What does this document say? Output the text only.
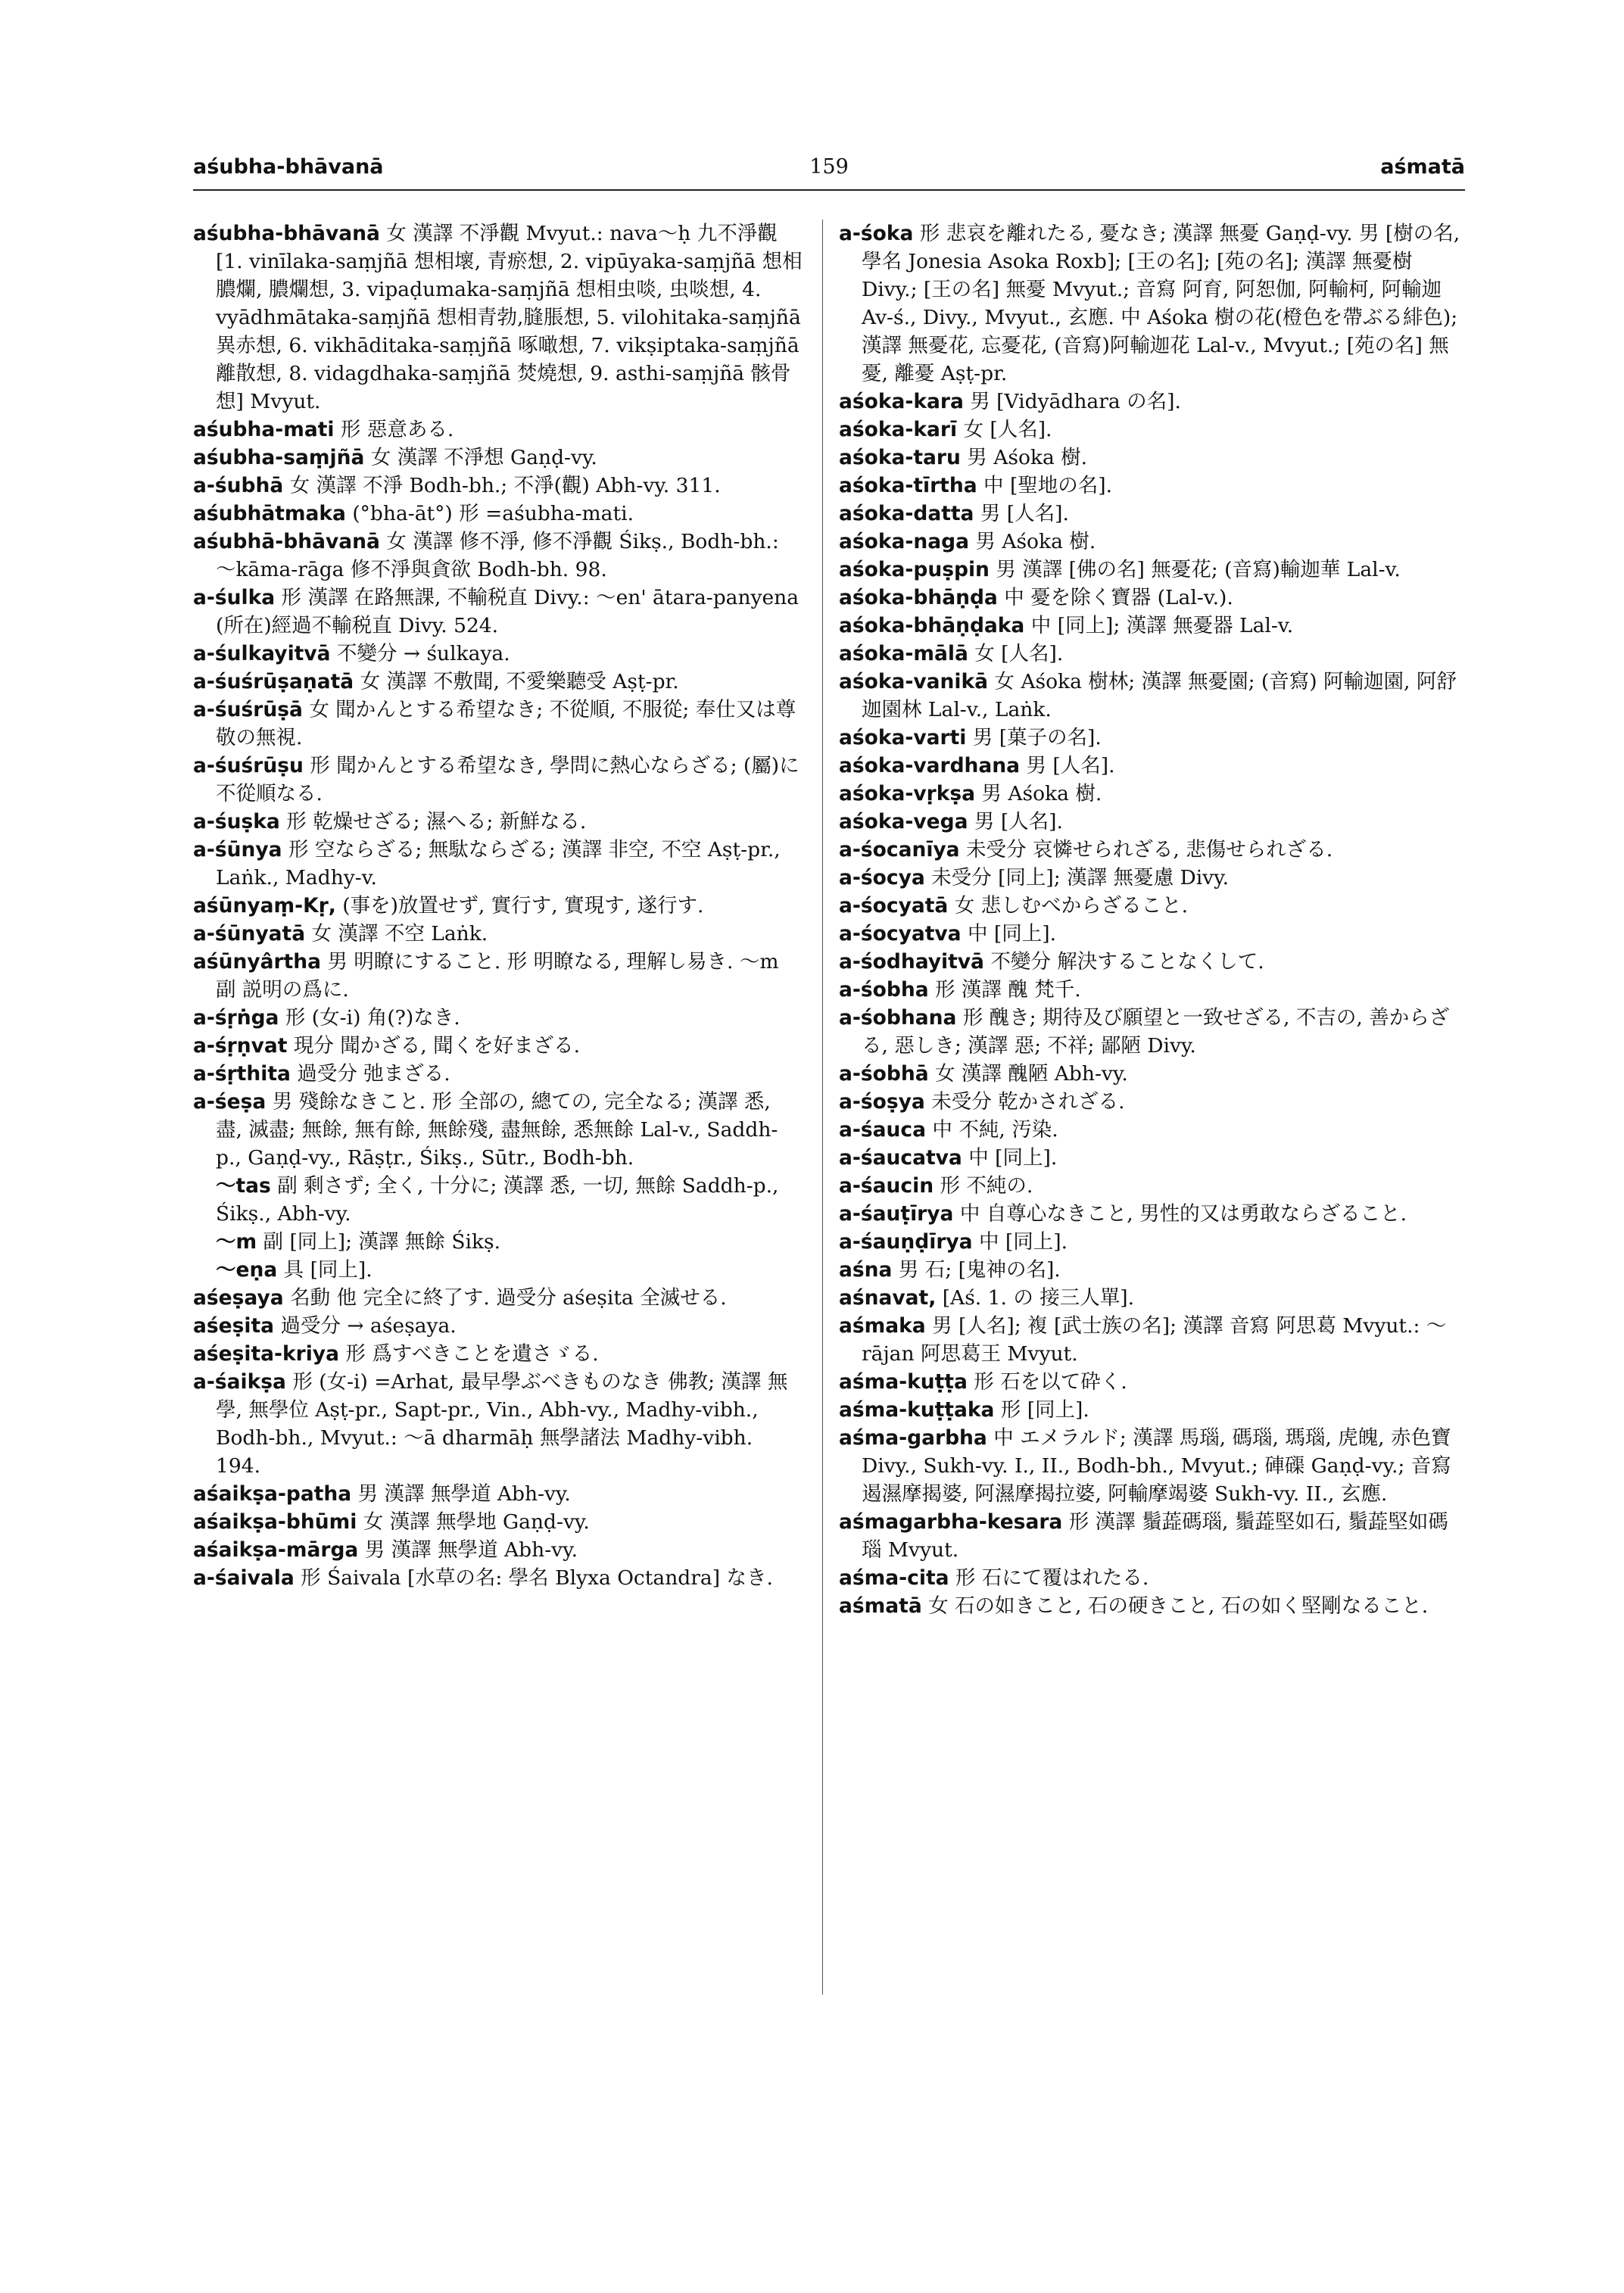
aśubha-bhāvanā	159	aśmatā

aśubha-bhāvanā 女 漢譯 不淨觀 Mvyut.: nava～ḥ 九不淨觀 [1. vinīlaka-saṃjñā 想相壞, 青瘀想, 2. vipūyaka-saṃjñā 想相膿爛, 膿爛想, 3. vipaḍumaka-saṃjñā 想相虫啖, 虫啖想, 4. vyādhmātaka-saṃjñā 想相青勃,膖脹想, 5. vilohitaka-saṃjñā 異赤想, 6. vikhāditaka-saṃjñā 啄噉想, 7. vikṣiptaka-saṃjñā 離散想, 8. vidagdhaka-saṃjñā 焚燒想, 9. asthi-saṃjñā 骸骨想] Mvyut.

aśubha-mati 形 惡意ある.

aśubha-saṃjñā 女 漢譯 不淨想 Gaṇḍ-vy.

a-śubhā 女 漢譯 不淨 Bodh-bh.; 不淨(觀) Abh-vy. 311.

aśubhātmaka (°bha-āt°) 形 =aśubha-mati.

aśubhā-bhāvanā 女 漢譯 修不淨, 修不淨觀 Śikṣ., Bodh-bh.: ～kāma-rāga 修不淨與貪欲 Bodh-bh. 98.

a-śulka 形 漢譯 在路無課, 不輸税直 Divy.: ～en' ātara-panyena (所在)經過不輸税直 Divy. 524.

a-śulkayitvā 不變分 → śulkaya.

a-śuśrūṣaṇatā 女 漢譯 不敷聞, 不愛樂聽受 Aṣṭ-pr.

a-śuśrūṣā 女 聞かんとする希望なき; 不從順, 不服從; 奉仕又は尊敬の無視.

a-śuśrūṣu 形 聞かんとする希望なき, 學問に熱心ならざる; (屬)に不從順なる.

a-śuṣka 形 乾燥せざる; 濕へる; 新鮮なる.

a-śūnya 形 空ならざる; 無駄ならざる; 漢譯 非空, 不空 Aṣṭ-pr., Laṅk., Madhy-v.

aśūnyaṃ-Kṛ, (事を)放置せず, 實行す, 實現す, 遂行す.

a-śūnyatā 女 漢譯 不空 Laṅk.

aśūnyârtha 男 明瞭にすること. 形 明瞭なる, 理解し易き. ～m 副 説明の爲に.

a-śṛṅga 形 (女-i) 角(?)なき.

a-śṛṇvat 現分 聞かざる, 聞くを好まざる.

a-śṛthita 過受分 弛まざる.

a-śeṣa 男 殘餘なきこと. 形 全部の, 總ての, 完全なる; 漢譯 悉, 盡, 滅盡; 無餘, 無有餘, 無餘殘, 盡無餘, 悉無餘 Lal-v., Saddh-p., Gaṇḍ-vy., Rāṣṭr., Śikṣ., Sūtr., Bodh-bh.

～tas 副 剩さず; 全く, 十分に; 漢譯 悉, 一切, 無餘 Saddh-p., Śikṣ., Abh-vy.

～m 副 [同上]; 漢譯 無餘 Śikṣ.

～eṇa 具 [同上].

aśeṣaya 名動 他 完全に終了す. 過受分 aśeṣita 全滅せる.

aśeṣita 過受分 → aśeṣaya.

aśeṣita-kriya 形 爲すべきことを遺さゞる.

a-śaikṣa 形 (女-i) =Arhat, 最早學ぶべきものなき 佛教; 漢譯 無學, 無學位 Aṣṭ-pr., Sapt-pr., Vin., Abh-vy., Madhy-vibh., Bodh-bh., Mvyut.: ～ā dharmāḥ 無學諸法 Madhy-vibh. 194.

aśaikṣa-patha 男 漢譯 無學道 Abh-vy.

aśaikṣa-bhūmi 女 漢譯 無學地 Gaṇḍ-vy.

aśaikṣa-mārga 男 漢譯 無學道 Abh-vy.

a-śaivala 形 Śaivala [水草の名: 學名 Blyxa Octandra] なき.

a-śoka 形 悲哀を離れたる, 憂なき; 漢譯 無憂 Gaṇḍ-vy. 男 [樹の名, 學名 Jonesia Asoka Roxb]; [王の名]; [苑の名]; 漢譯 無憂樹 Divy.; [王の名] 無憂 Mvyut.; 音寫 阿育, 阿恕伽, 阿輸柯, 阿輸迦 Av-ś., Divy., Mvyut., 玄應. 中 Aśoka 樹の花(橙色を帶ぶる緋色); 漢譯 無憂花, 忘憂花, (音寫)阿輸迦花 Lal-v., Mvyut.; [苑の名] 無憂, 離憂 Aṣṭ-pr.

aśoka-kara 男 [Vidyādhara の名].

aśoka-karī 女 [人名].

aśoka-taru 男 Aśoka 樹.

aśoka-tīrtha 中 [聖地の名].

aśoka-datta 男 [人名].

aśoka-naga 男 Aśoka 樹.

aśoka-puṣpin 男 漢譯 [佛の名] 無憂花; (音寫)輸迦華 Lal-v.

aśoka-bhāṇḍa 中 憂を除く寶器 (Lal-v.).

aśoka-bhāṇḍaka 中 [同上]; 漢譯 無憂器 Lal-v.

aśoka-mālā 女 [人名].

aśoka-vanikā 女 Aśoka 樹林; 漢譯 無憂園; (音寫) 阿輸迦園, 阿舒迦園林 Lal-v., Laṅk.

aśoka-varti 男 [菓子の名].

aśoka-vardhana 男 [人名].

aśoka-vṛkṣa 男 Aśoka 樹.

aśoka-vega 男 [人名].

a-śocanīya 未受分 哀憐せられざる, 悲傷せられざる.

a-śocya 未受分 [同上]; 漢譯 無憂慮 Divy.

a-śocyatā 女 悲しむべからざること.

a-śocyatva 中 [同上].

a-śodhayitvā 不變分 解決することなくして.

a-śobha 形 漢譯 醜 梵千.

a-śobhana 形 醜き; 期待及び願望と一致せざる, 不吉の, 善からざる, 惡しき; 漢譯 惡; 不祥; 鄙陋 Divy.

a-śobhā 女 漢譯 醜陋 Abh-vy.

a-śoṣya 未受分 乾かされざる.

a-śauca 中 不純, 汚染.

a-śaucatva 中 [同上].

a-śaucin 形 不純の.

a-śauṭīrya 中 自尊心なきこと, 男性的又は勇敢ならざること.

a-śauṇḍīrya 中 [同上].

aśna 男 石; [鬼神の名].

aśnavat, [Aś. 1. の 接三人單].

aśmaka 男 [人名]; 複 [武士族の名]; 漢譯 音寫 阿思葛 Mvyut.: ～rājan 阿思葛王 Mvyut.

aśma-kuṭṭa 形 石を以て砕く.

aśma-kuṭṭaka 形 [同上].

aśma-garbha 中 エメラルド; 漢譯 馬瑙, 碼瑙, 瑪瑙, 虎魄, 赤色寶 Divy., Sukh-vy. I., II., Bodh-bh., Mvyut.; 硨磲 Gaṇḍ-vy.; 音寫 遏濕摩揭婆, 阿濕摩揭拉婆, 阿輸摩竭婆 Sukh-vy. II., 玄應.

aśmagarbha-kesara 形 漢譯 鬚蕋碼瑙, 鬚蕋堅如石, 鬚蕋堅如碼瑙 Mvyut.

aśma-cita 形 石にて覆はれたる.

aśmatā 女 石の如きこと, 石の硬きこと, 石の如く堅剛なること.
